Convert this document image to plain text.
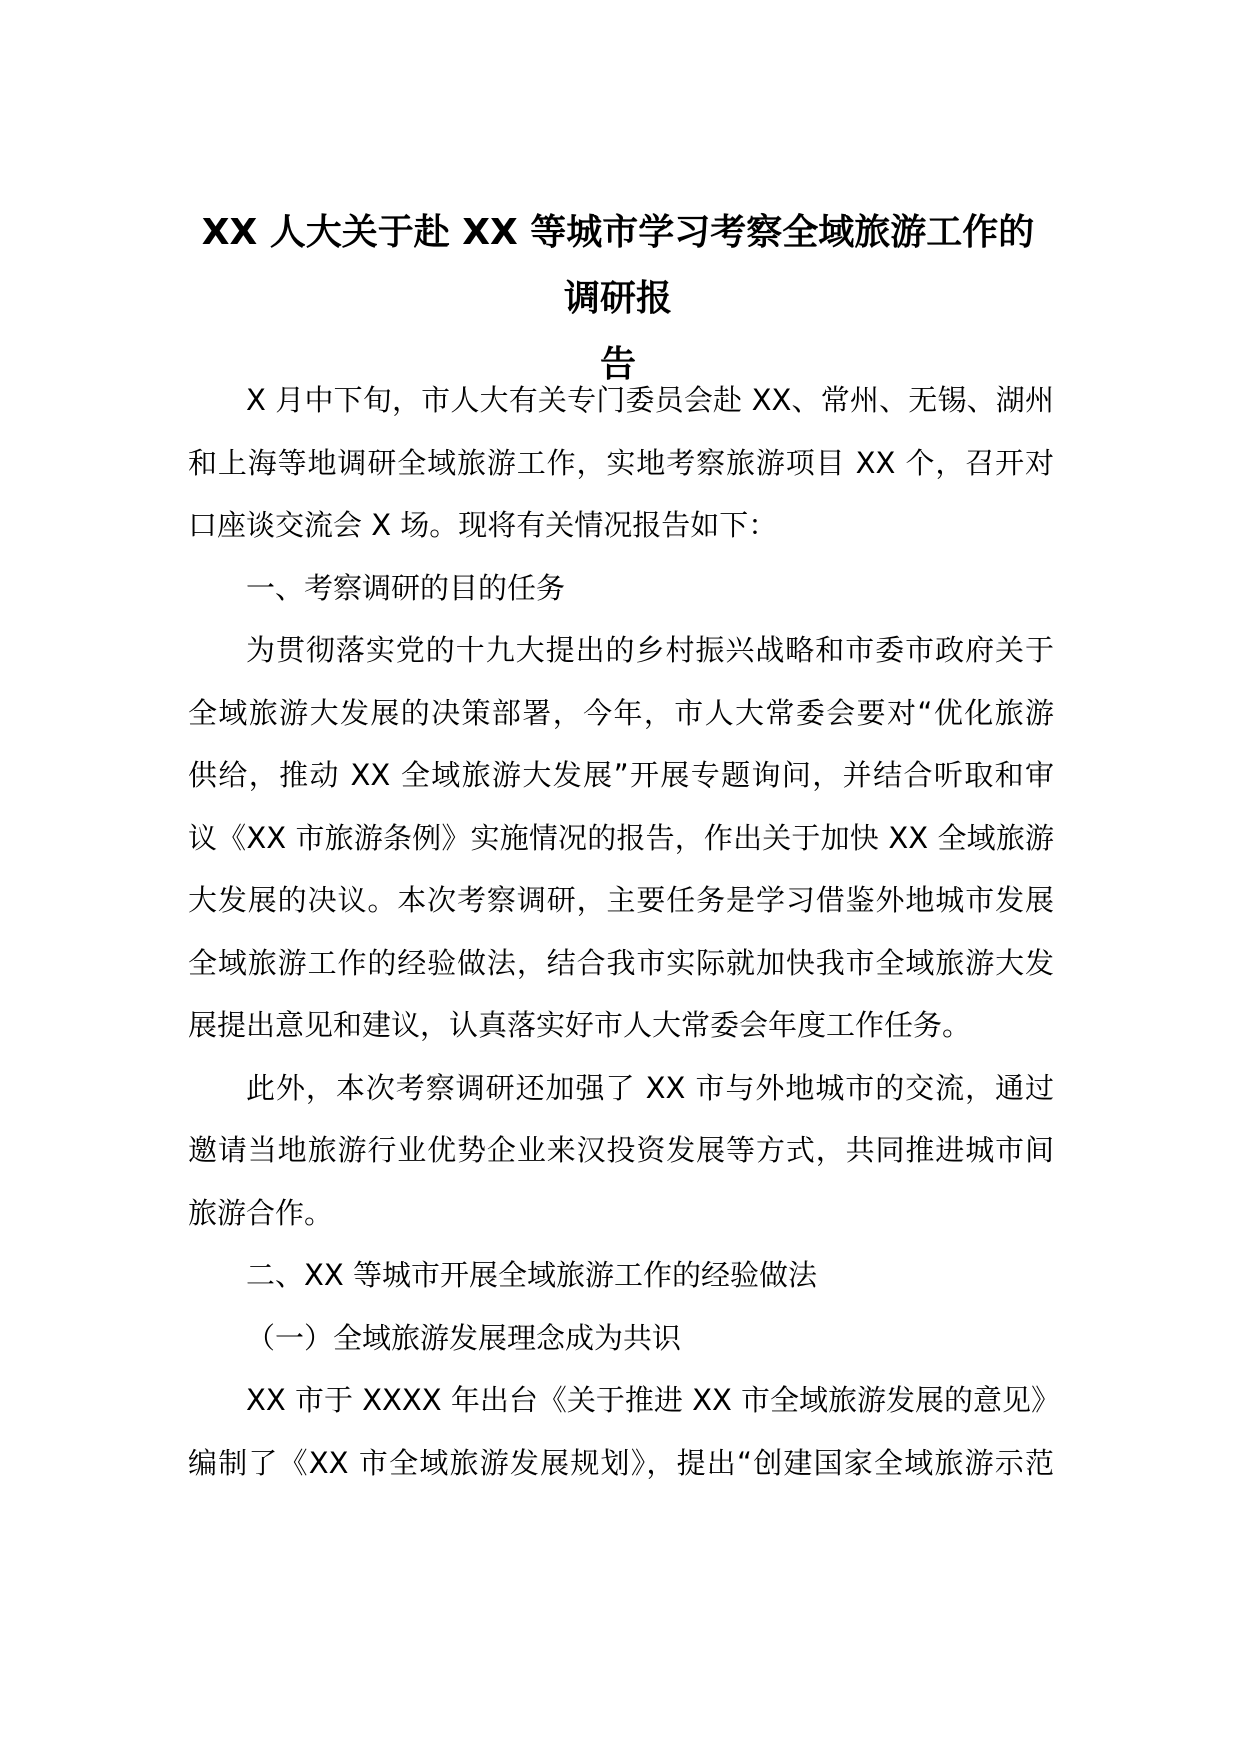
XX 人大关于赴 XX 等城市学习考察全域旅游工作的调研报
告
X 月中下旬，市人大有关专门委员会赴 XX、常州、无锡、湖州
和上海等地调研全域旅游工作，实地考察旅游项目 XX 个，召开对
口座谈交流会 X 场。现将有关情况报告如下：
一、考察调研的目的任务
为贯彻落实党的十九大提出的乡村振兴战略和市委市政府关于
全域旅游大发展的决策部署，今年，市人大常委会要对“优化旅游
供给，推动 XX 全域旅游大发展”开展专题询问，并结合听取和审
议《XX 市旅游条例》实施情况的报告，作出关于加快 XX 全域旅游
大发展的决议。本次考察调研，主要任务是学习借鉴外地城市发展
全域旅游工作的经验做法，结合我市实际就加快我市全域旅游大发
展提出意见和建议，认真落实好市人大常委会年度工作任务。
此外，本次考察调研还加强了 XX 市与外地城市的交流，通过
邀请当地旅游行业优势企业来汉投资发展等方式，共同推进城市间
旅游合作。
二、XX 等城市开展全域旅游工作的经验做法
（一）全域旅游发展理念成为共识
XX 市于 XXXX 年出台《关于推进 XX 市全域旅游发展的意见》
编制了《XX 市全域旅游发展规划》，提出“创建国家全域旅游示范
